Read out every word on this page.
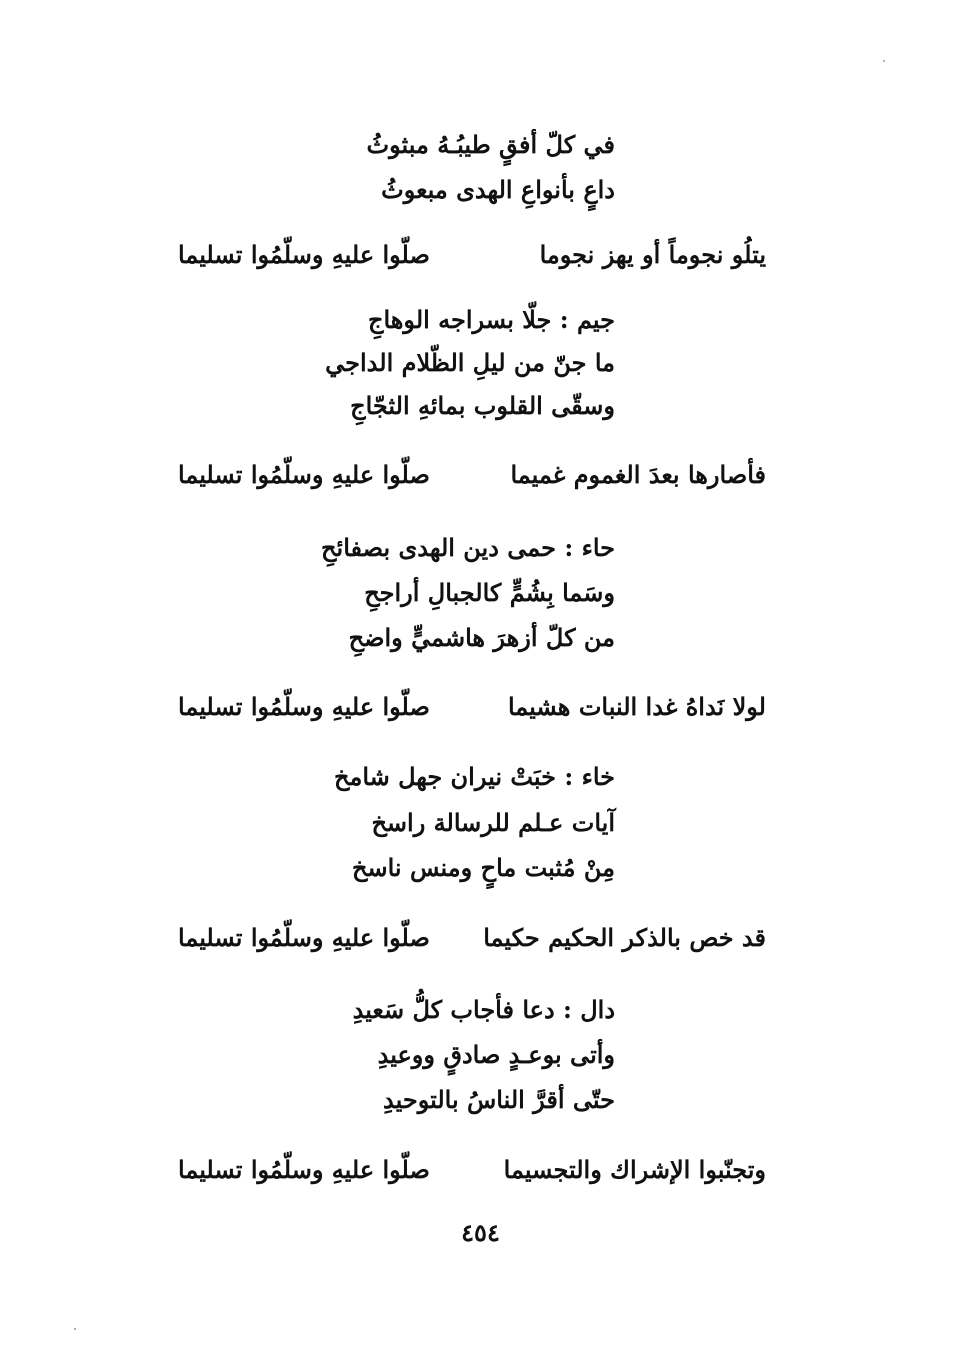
في كلّ أفقٍ طيبُـهُ مبثوثُ
داعٍ بأنواعِ الهدى مبعوثُ
يتلُو نجوماً أو يهز نجوما صلّوا عليهِ وسلّمُوا تسليما
جيم : جلّا بسراجه الوهاجِ
ما جنّ من ليلِ الظّلام الداجي
وسقّى القلوب بمائهِ الثجّاجِ
فأصارها بعدَ الغموم غميما صلّوا عليهِ وسلّمُوا تسليما
حاء : حمى دين الهدى بصفائحِ
وسَما بِشُمٍّ كالجبالِ أراجحِ
من كلّ أزهرَ هاشميٍّ واضحِ
لولا نَداهُ غدا النبات هشيما صلّوا عليهِ وسلّمُوا تسليما
خاء : خبَتْ نيران جهل شامخ
آيات عـلم للرسالة راسخ
مِنْ مُثبت ماحٍ ومنس ناسخ
قد خص بالذكر الحكيم حكيما صلّوا عليهِ وسلّمُوا تسليما
دال : دعا فأجاب كلُّ سَعيدِ
وأتى بوعـدٍ صادقٍ ووعيدِ
حتّى أقرَّ الناسُ بالتوحيدِ
وتجنّبوا الإشراك والتجسيما صلّوا عليهِ وسلّمُوا تسليما
٤٥٤
